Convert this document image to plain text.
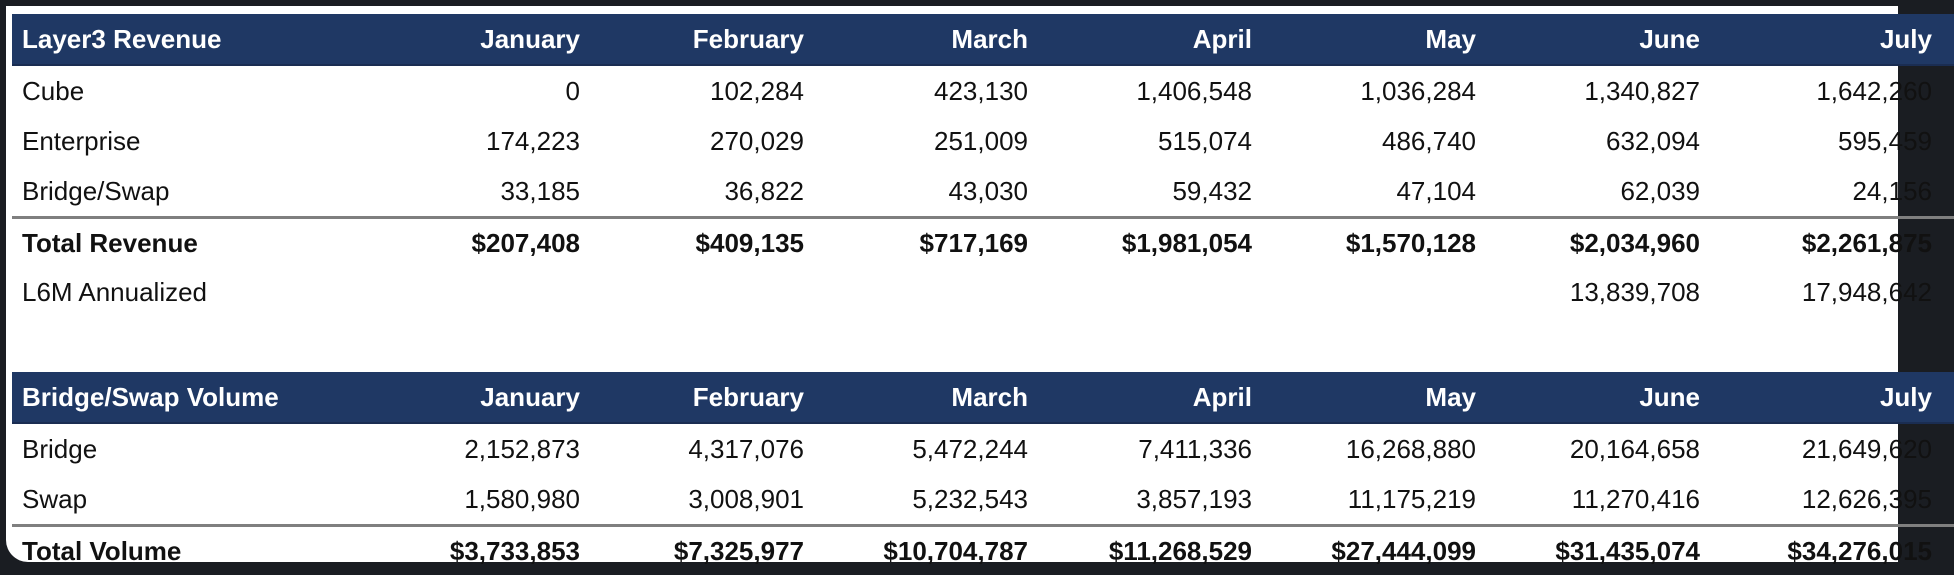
Layer3 Revenue	January	February	March	April	May	June	July
Cube	0	102,284	423,130	1,406,548	1,036,284	1,340,827	1,642,260
Enterprise	174,223	270,029	251,009	515,074	486,740	632,094	595,459
Bridge/Swap	33,185	36,822	43,030	59,432	47,104	62,039	24,156
Total Revenue	$207,408	$409,135	$717,169	$1,981,054	$1,570,128	$2,034,960	$2,261,875
L6M Annualized						13,839,708	17,948,642
Bridge/Swap Volume	January	February	March	April	May	June	July
Bridge	2,152,873	4,317,076	5,472,244	7,411,336	16,268,880	20,164,658	21,649,620
Swap	1,580,980	3,008,901	5,232,543	3,857,193	11,175,219	11,270,416	12,626,395
Total Volume	$3,733,853	$7,325,977	$10,704,787	$11,268,529	$27,444,099	$31,435,074	$34,276,015
